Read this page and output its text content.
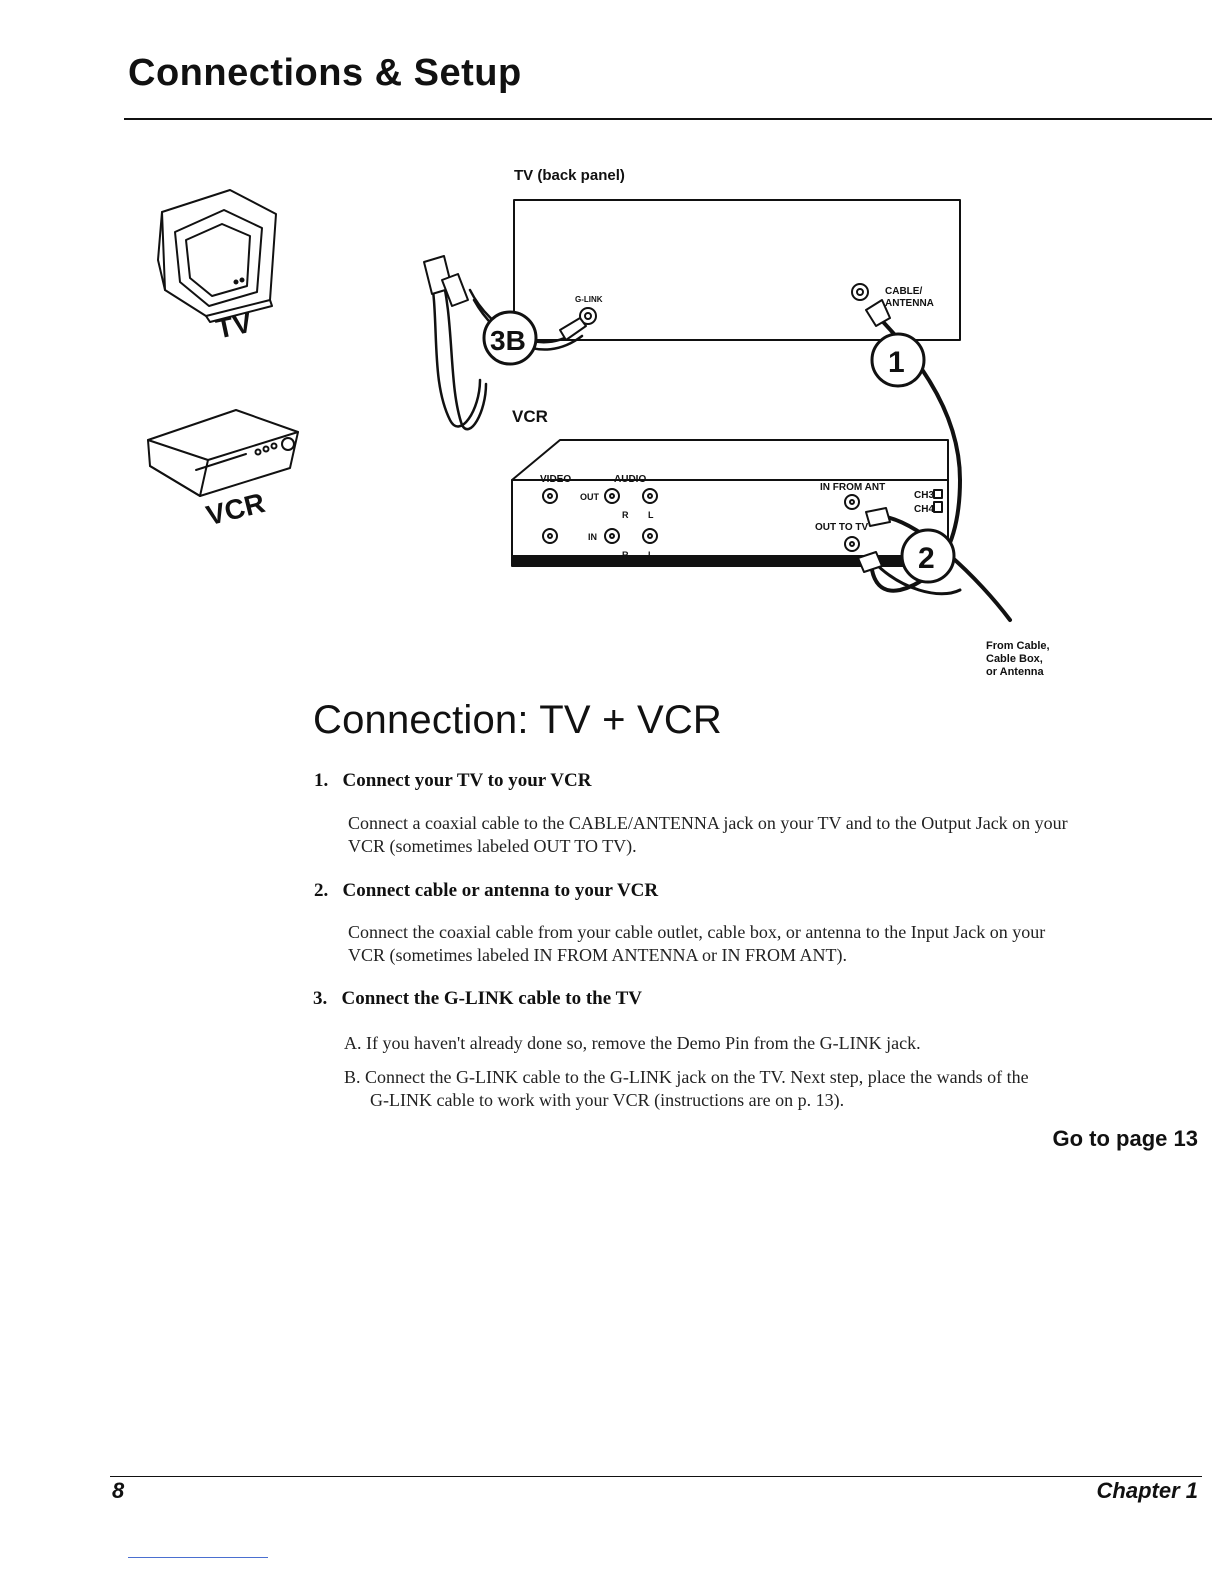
Connections & Setup
TV (back panel)
G-LINK
CABLE/
ANTENNA
VCR
VIDEO	AUDIO
OUT
IN
R L
R L
IN FROM ANT
OUT TO TV
CH3
CH4
1
2
3B
From Cable,
Cable Box,
or Antenna
TV
VCR
Connection: TV + VCR
1. Connect your TV to your VCR
Connect a coaxial cable to the CABLE/ANTENNA jack on your TV and to the Output Jack on your
VCR (sometimes labeled OUT TO TV).
2. Connect cable or antenna to your VCR
Connect the coaxial cable from your cable outlet, cable box, or antenna to the Input Jack on your
VCR (sometimes labeled IN FROM ANTENNA or IN FROM ANT).
3. Connect the G-LINK cable to the TV
A. If you haven't already done so, remove the Demo Pin from the G-LINK jack.
B. Connect the G-LINK cable to the G-LINK jack on the TV. Next step, place the wands of the
G-LINK cable to work with your VCR (instructions are on p. 13).
Go to page 13
8	Chapter 1
